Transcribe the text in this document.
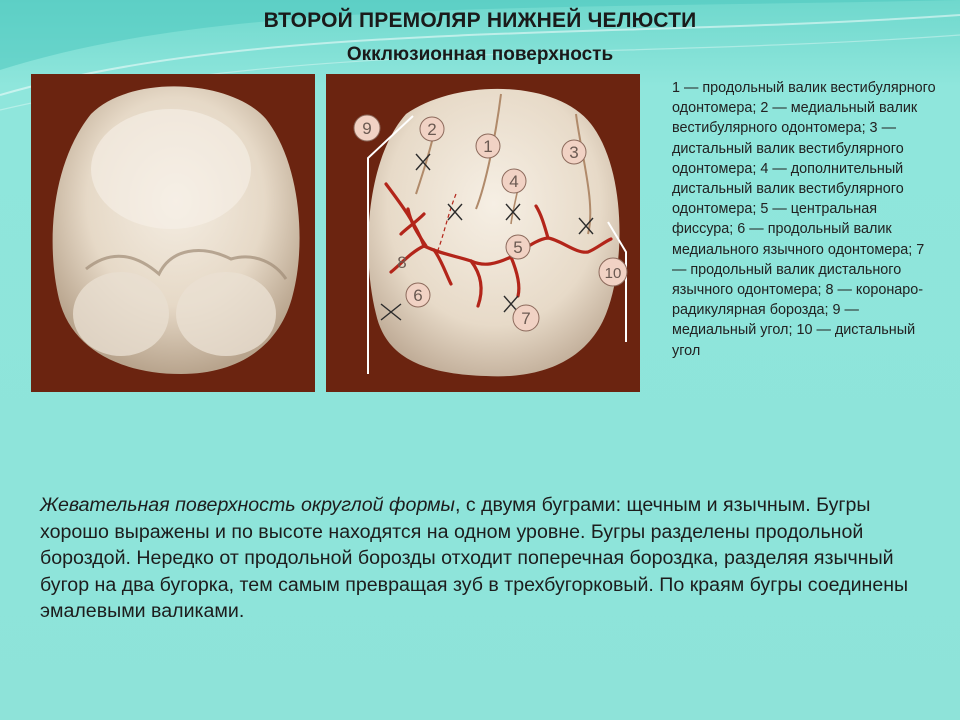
ВТОРОЙ ПРЕМОЛЯР НИЖНЕЙ ЧЕЛЮСТИ
Окклюзионная поверхность
9	2
1	3
4
5
6
7
8
10
1 — продольный валик вестибулярного одонтомера; 2 — медиальный валик вестибулярного одонтомера; 3 — дистальный валик вестибулярного одонтомера; 4 — дополнительный дистальный валик вестибулярного одонтомера; 5 — центральная фиссура; 6 — продольный валик медиального язычного одонтомера; 7 — продольный валик дистального язычного одонтомера; 8 — коронаро-радикулярная борозда; 9 — медиальный угол; 10 — дистальный угол
Жевательная поверхность округлой формы, с двумя буграми: щечным и язычным. Бугры хорошо выражены и по высоте находятся на одном уровне. Бугры разделены продольной бороздой. Нередко от продольной борозды отходит поперечная бороздка, разделяя язычный бугор на два бугорка, тем самым превращая зуб в трехбугорковый. По краям бугры соединены эмалевыми валиками.
